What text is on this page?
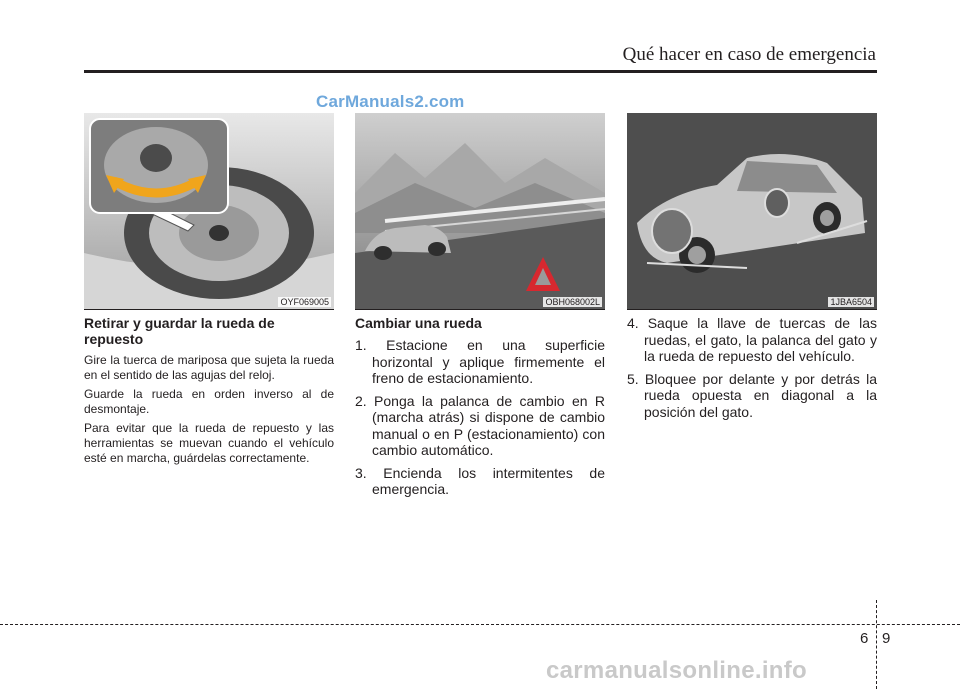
Qué hacer en caso de emergencia
CarManuals2.com
OYF069005	OBH068002L	1JBA6504
Retirar y guardar la rueda de repuesto
Gire la tuerca de mariposa que sujeta la rueda en el sentido de las agujas del reloj.
Guarde la rueda en orden inverso al de desmontaje.
Para evitar que la rueda de repuesto y las herramientas se muevan cuando el vehículo esté en marcha, guárdelas correctamente.
Cambiar una rueda
1. Estacione en una superficie horizontal y aplique firmemente el freno de estacionamiento.
2. Ponga la palanca de cambio en R (marcha atrás) si dispone de cambio manual o en P (estacionamiento) con cambio automático.
3. Encienda los intermitentes de emergencia.
4. Saque la llave de tuercas de las ruedas, el gato, la palanca del gato y la rueda de repuesto del vehículo.
5. Bloquee por delante y por detrás la rueda opuesta en diagonal a la posición del gato.
6 9
carmanualsonline.info
